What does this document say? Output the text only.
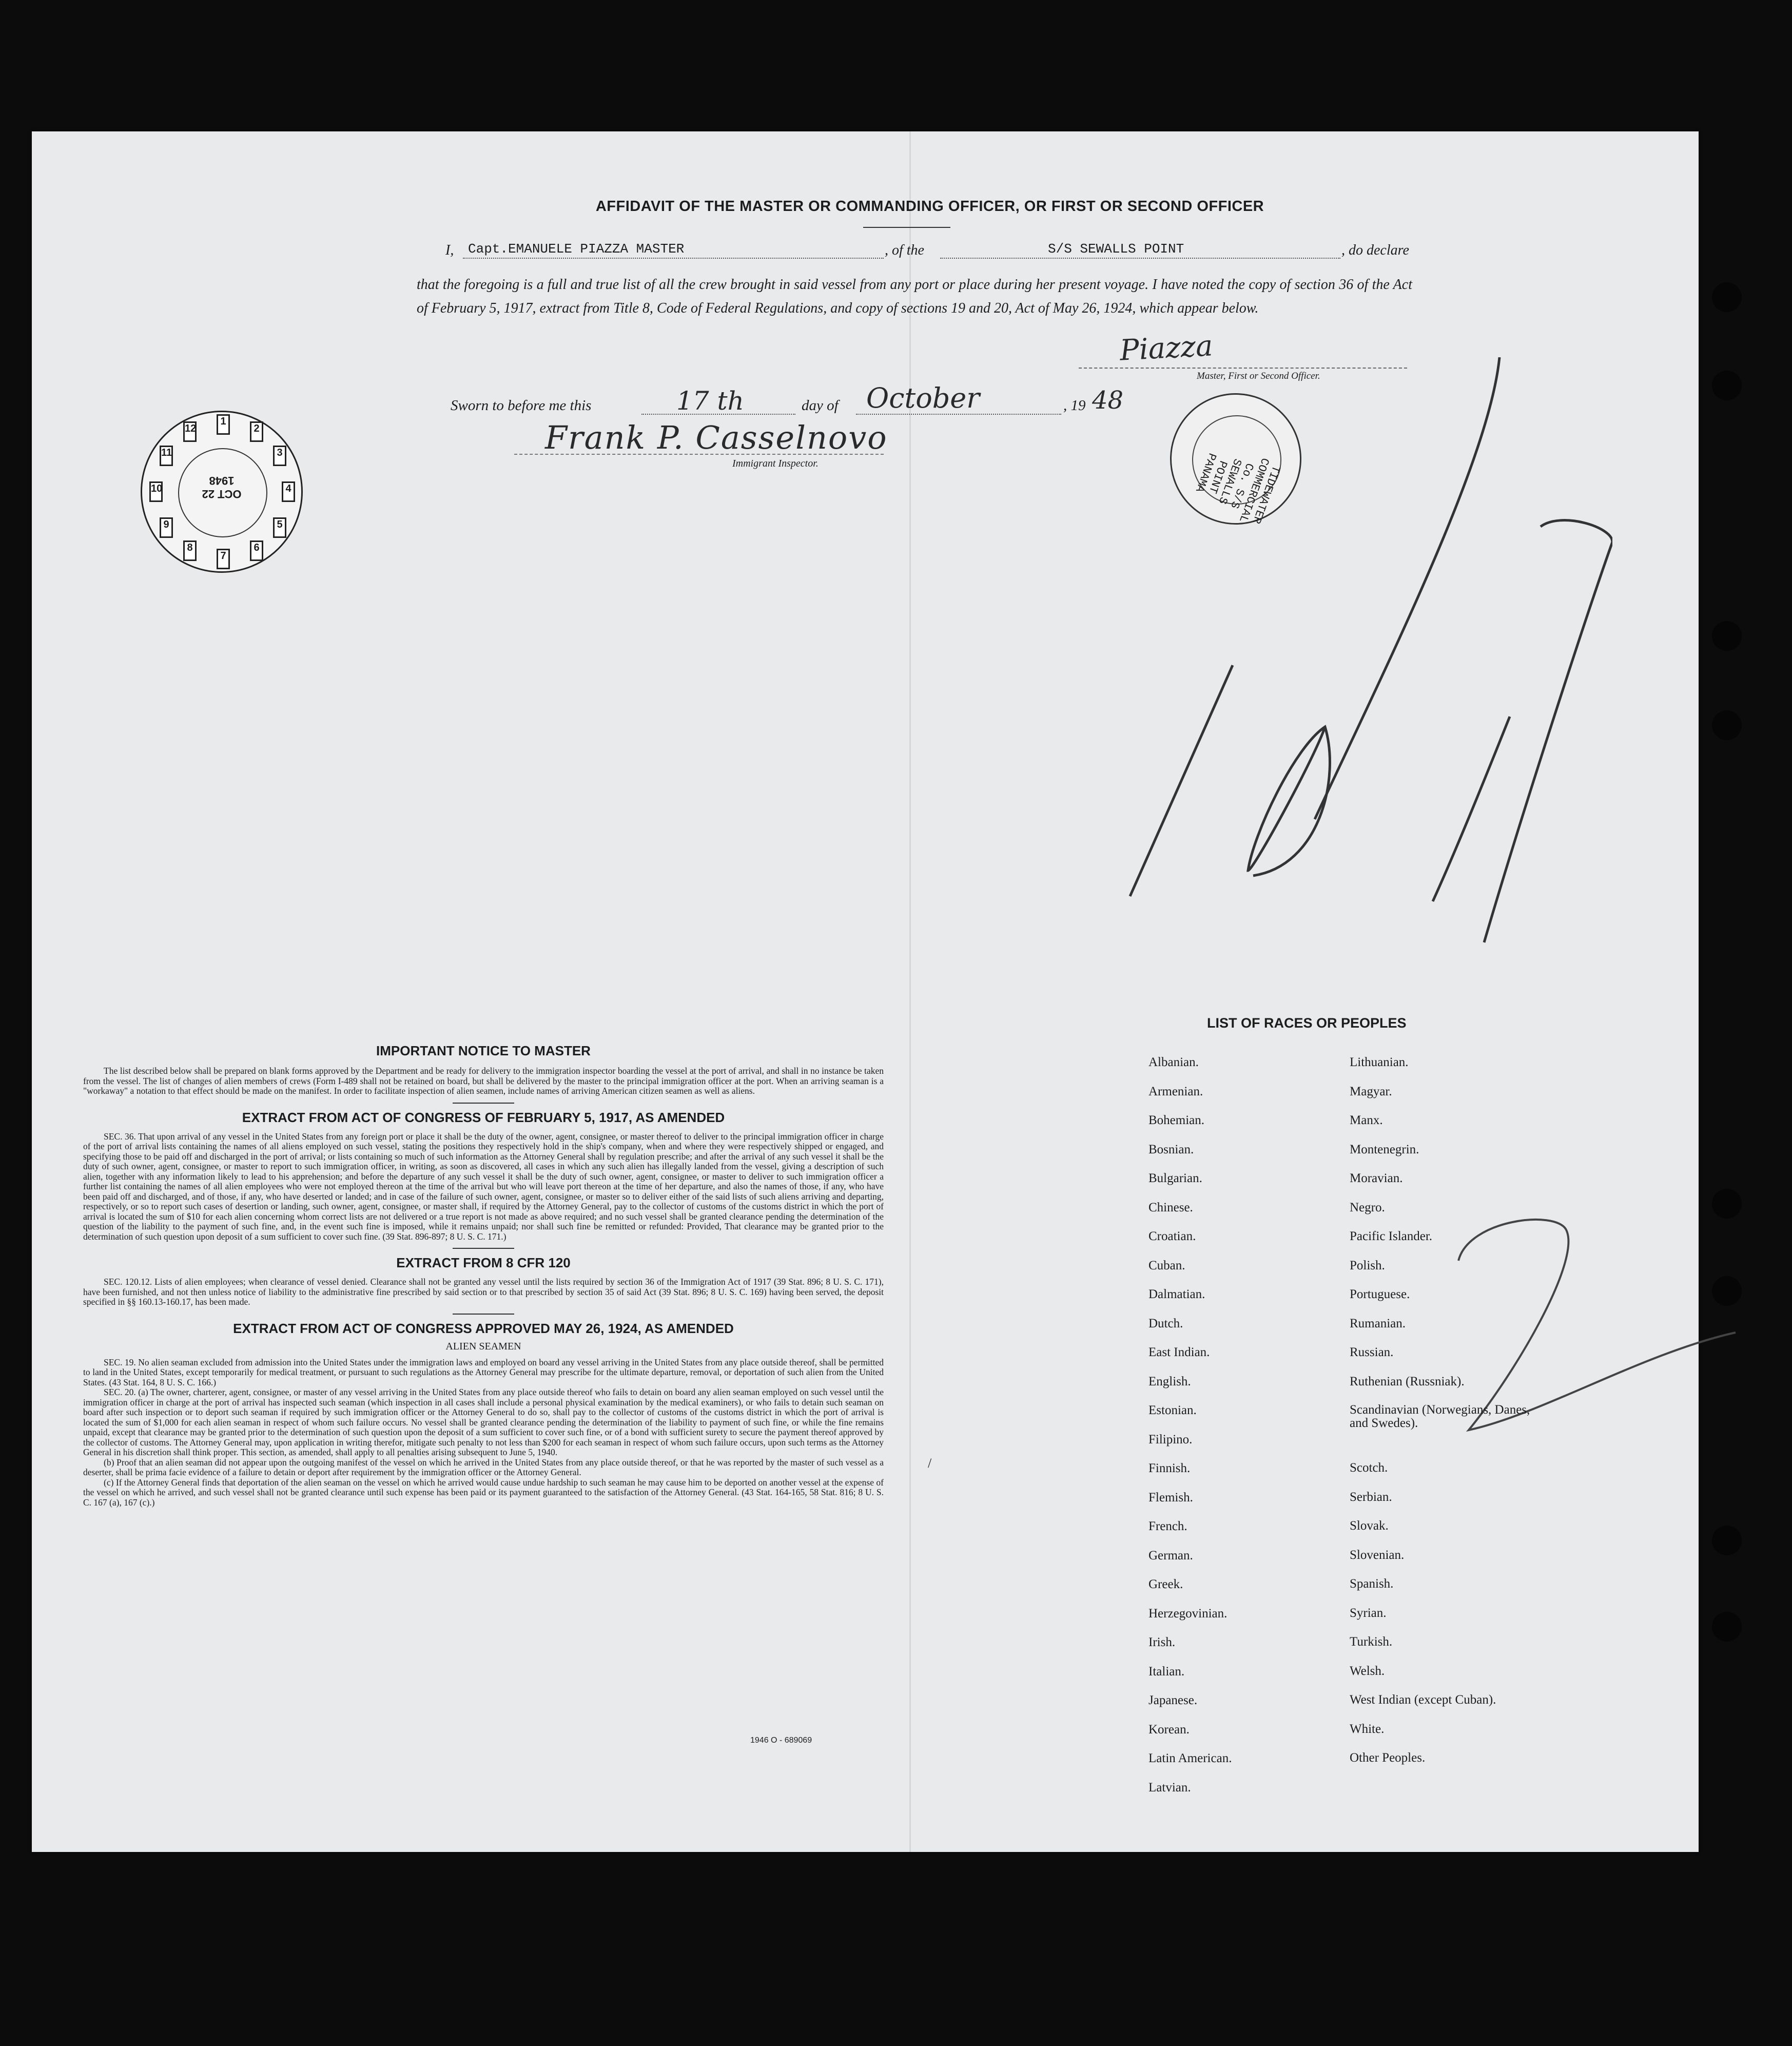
AFFIDAVIT OF THE MASTER OR COMMANDING OFFICER, OR FIRST OR SECOND OFFICER
I, Capt.EMANUELE PIAZZA MASTER	, of the	S/S SEWALLS POINT	, do declare
that the foregoing is a full and true list of all the crew brought in said vessel from any port or place during her present voyage. I have noted the copy of section 36 of the Act of February 5, 1917, extract from Title 8, Code of Federal Regulations, and copy of sections 19 and 20, Act of May 26, 1924, which appear below.
Piazza
Master, First or Second Officer.
Sworn to before me this	17 th	day of October	, 19 48
Frank P. Casselnovo
Immigrant Inspector.
OCT 22 1948
1
2
3
4
5
6
7
8
9
10
11
12
TIDEWATER COMMERCIAL Co. S/S SEWALLS POINT PANAMA
10/17
2
/
IMPORTANT NOTICE TO MASTER

The list described below shall be prepared on blank forms approved by the Department and be ready for delivery to the immigration inspector boarding the vessel at the port of arrival, and shall in no instance be taken from the vessel. The list of changes of alien members of crews (Form I-489 shall not be retained on board, but shall be delivered by the master to the principal immigration officer at the port. When an arriving seaman is a "workaway" a notation to that effect should be made on the manifest. In order to facilitate inspection of alien seamen, include names of arriving American citizen seamen as well as aliens.

EXTRACT FROM ACT OF CONGRESS OF FEBRUARY 5, 1917, AS AMENDED

SEC. 36. That upon arrival of any vessel in the United States from any foreign port or place it shall be the duty of the owner, agent, consignee, or master thereof to deliver to the principal immigration officer in charge of the port of arrival lists containing the names of all aliens employed on such vessel, stating the positions they respectively hold in the ship's company, when and where they were respectively shipped or engaged, and specifying those to be paid off and discharged in the port of arrival; or lists containing so much of such information as the Attorney General shall by regulation prescribe; and after the arrival of any such vessel it shall be the duty of such owner, agent, consignee, or master to report to such immigration officer, in writing, as soon as discovered, all cases in which any such alien has illegally landed from the vessel, giving a description of such alien, together with any information likely to lead to his apprehension; and before the departure of any such vessel it shall be the duty of such owner, agent, consignee, or master to deliver to such immigration officer a further list containing the names of all alien employees who were not employed thereon at the time of the arrival but who will leave port thereon at the time of her departure, and also the names of those, if any, who have been paid off and discharged, and of those, if any, who have deserted or landed; and in case of the failure of such owner, agent, consignee, or master so to deliver either of the said lists of such aliens arriving and departing, respectively, or so to report such cases of desertion or landing, such owner, agent, consignee, or master shall, if required by the Attorney General, pay to the collector of customs of the customs district in which the port of arrival is located the sum of $10 for each alien concerning whom correct lists are not delivered or a true report is not made as above required; and no such vessel shall be granted clearance pending the determination of the question of the liability to the payment of such fine, and, in the event such fine is imposed, while it remains unpaid; nor shall such fine be remitted or refunded: Provided, That clearance may be granted prior to the determination of such question upon deposit of a sum sufficient to cover such fine. (39 Stat. 896-897; 8 U. S. C. 171.)

EXTRACT FROM 8 CFR 120

SEC. 120.12. Lists of alien employees; when clearance of vessel denied. Clearance shall not be granted any vessel until the lists required by section 36 of the Immigration Act of 1917 (39 Stat. 896; 8 U. S. C. 171), have been furnished, and not then unless notice of liability to the administrative fine prescribed by said section or to that prescribed by section 35 of said Act (39 Stat. 896; 8 U. S. C. 169) having been served, the deposit specified in §§ 160.13-160.17, has been made.

EXTRACT FROM ACT OF CONGRESS APPROVED MAY 26, 1924, AS AMENDED
ALIEN SEAMEN

SEC. 19. No alien seaman excluded from admission into the United States under the immigration laws and employed on board any vessel arriving in the United States from any place outside thereof, shall be permitted to land in the United States, except temporarily for medical treatment, or pursuant to such regulations as the Attorney General may prescribe for the ultimate departure, removal, or deportation of such alien from the United States. (43 Stat. 164, 8 U. S. C. 166.)

SEC. 20. (a) The owner, charterer, agent, consignee, or master of any vessel arriving in the United States from any place outside thereof who fails to detain on board any alien seaman employed on such vessel until the immigration officer in charge at the port of arrival has inspected such seaman (which inspection in all cases shall include a personal physical examination by the medical examiners), or who fails to detain such seaman on board after such inspection or to deport such seaman if required by such immigration officer or the Attorney General to do so, shall pay to the collector of customs of the customs district in which the port of arrival is located the sum of $1,000 for each alien seaman in respect of whom such failure occurs. No vessel shall be granted clearance pending the determination of the liability to payment of such fine, or while the fine remains unpaid, except that clearance may be granted prior to the determination of such question upon the deposit of a sum sufficient to cover such fine, or of a bond with sufficient surety to secure the payment thereof approved by the collector of customs. The Attorney General may, upon application in writing therefor, mitigate such penalty to not less than $200 for each seaman in respect of whom such failure occurs, upon such terms as the Attorney General in his discretion shall think proper. This section, as amended, shall apply to all penalties arising subsequent to June 5, 1940.

(b) Proof that an alien seaman did not appear upon the outgoing manifest of the vessel on which he arrived in the United States from any place outside thereof, or that he was reported by the master of such vessel as a deserter, shall be prima facie evidence of a failure to detain or deport after requirement by the immigration officer or the Attorney General.

(c) If the Attorney General finds that deportation of the alien seaman on the vessel on which he arrived would cause undue hardship to such seaman he may cause him to be deported on another vessel at the expense of the vessel on which he arrived, and such vessel shall not be granted clearance until such expense has been paid or its payment guaranteed to the satisfaction of the Attorney General. (43 Stat. 164-165, 58 Stat. 816; 8 U. S. C. 167 (a), 167 (c).)

1946 O - 689069
LIST OF RACES OR PEOPLES
Albanian.
Armenian.
Bohemian.
Bosnian.
Bulgarian.
Chinese.
Croatian.
Cuban.
Dalmatian.
Dutch.
East Indian.
English.
Estonian.
Filipino.
Finnish.
Flemish.
French.
German.
Greek.
Herzegovinian.
Irish.
Italian.
Japanese.
Korean.
Latin American.
Latvian.
Lithuanian.
Magyar.
Manx.
Montenegrin.
Moravian.
Negro.
Pacific Islander.
Polish.
Portuguese.
Rumanian.
Russian.
Ruthenian (Russniak).
Scandinavian (Norwegians, Danes, and Swedes).
Scotch.
Serbian.
Slovak.
Slovenian.
Spanish.
Syrian.
Turkish.
Welsh.
West Indian (except Cuban).
White.
Other Peoples.
